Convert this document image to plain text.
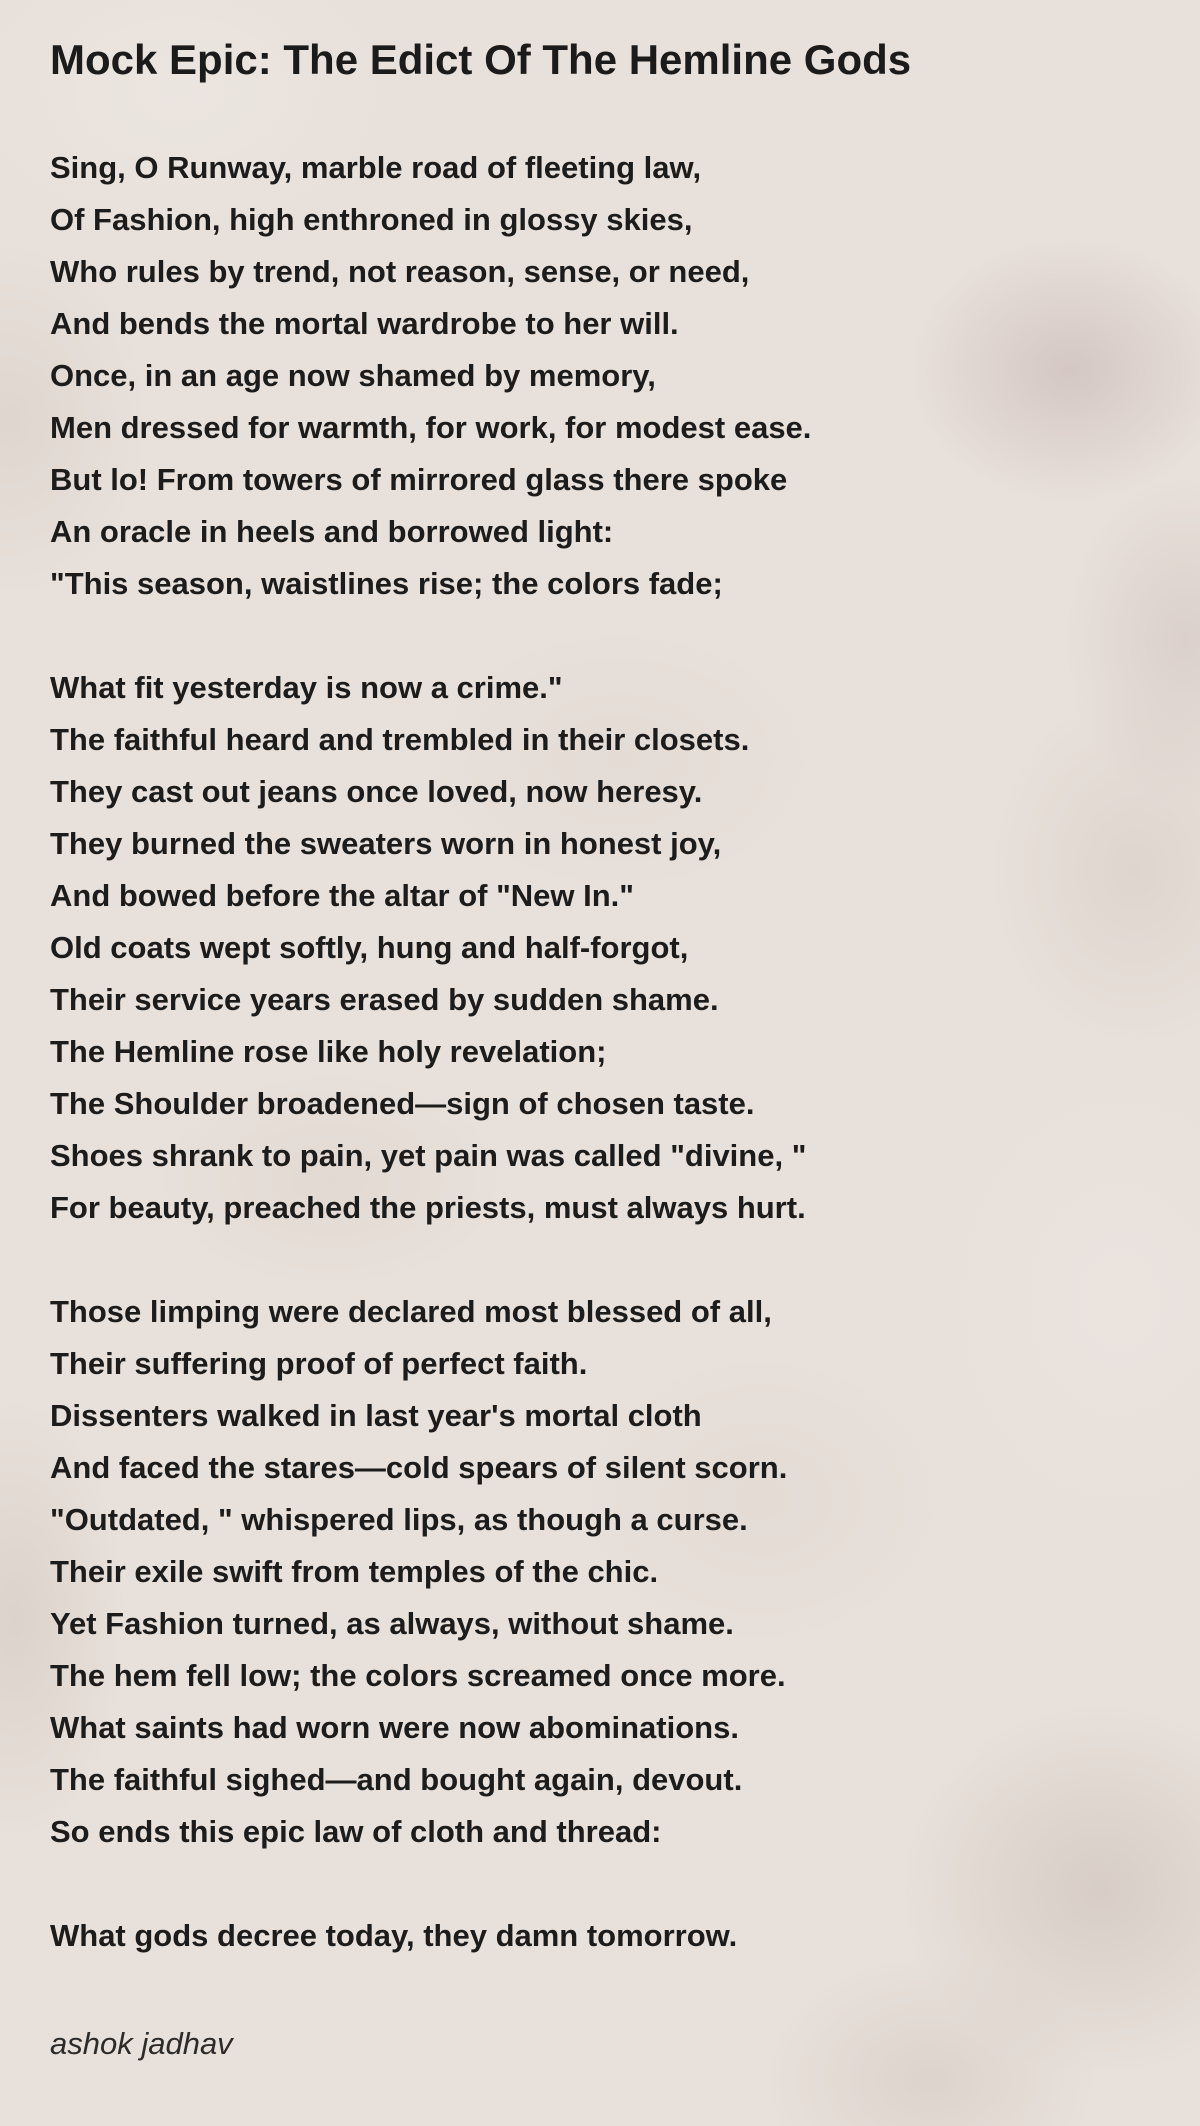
Mock Epic: The Edict Of The Hemline Gods

Sing, O Runway, marble road of fleeting law,

Of Fashion, high enthroned in glossy skies,

Who rules by trend, not reason, sense, or need,

And bends the mortal wardrobe to her will.

Once, in an age now shamed by memory,

Men dressed for warmth, for work, for modest ease.

But lo! From towers of mirrored glass there spoke

An oracle in heels and borrowed light:

"This season, waistlines rise; the colors fade;

What fit yesterday is now a crime."

The faithful heard and trembled in their closets.

They cast out jeans once loved, now heresy.

They burned the sweaters worn in honest joy,

And bowed before the altar of "New In."

Old coats wept softly, hung and half-forgot,

Their service years erased by sudden shame.

The Hemline rose like holy revelation;

The Shoulder broadened—sign of chosen taste.

Shoes shrank to pain, yet pain was called "divine, "

For beauty, preached the priests, must always hurt.

Those limping were declared most blessed of all,

Their suffering proof of perfect faith.

Dissenters walked in last year's mortal cloth

And faced the stares—cold spears of silent scorn.

"Outdated, " whispered lips, as though a curse.

Their exile swift from temples of the chic.

Yet Fashion turned, as always, without shame.

The hem fell low; the colors screamed once more.

What saints had worn were now abominations.

The faithful sighed—and bought again, devout.

So ends this epic law of cloth and thread:

What gods decree today, they damn tomorrow.

ashok jadhav
